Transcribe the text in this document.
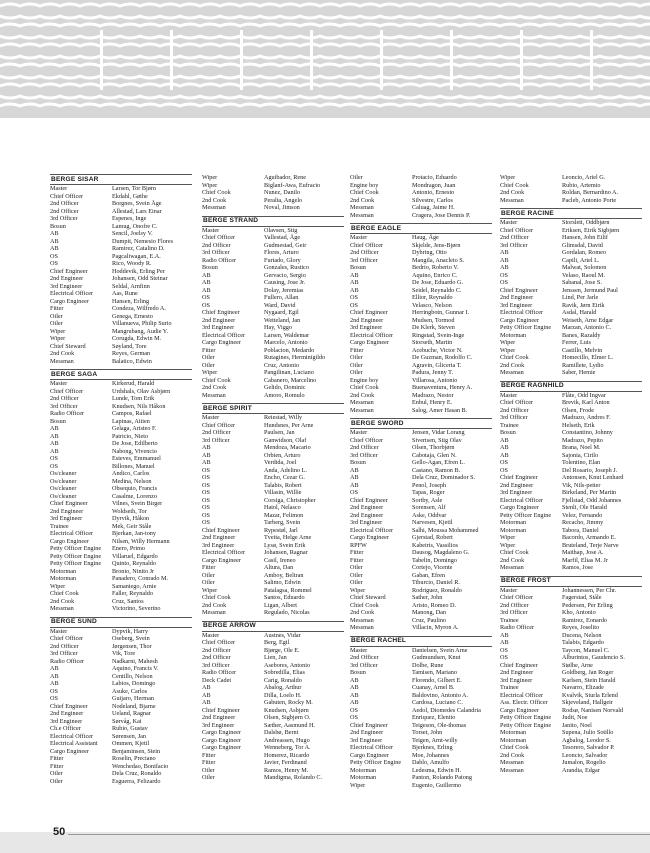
BERGE SISAR
Master	Larsen, Tor Bjørn
Chief Officer	Ekdahl, Gøthe
2nd Officer	Borgnes, Svein Åge
2nd Officer	Allestad, Lars Einar
3rd Officer	Espenes, Inge
Bosun	Lamug, Onofre C.
AB	Sencil, Joelsy V.
AB	Dumpit, Nemesio Flores
AB	Ramirez, Catalino D.
OS	Pagcaliwagan, E.A.
OS	Rico, Woody R.
Chief Engineer	Hoddevik, Erling Per
2nd Engineer	Johansen, Odd Steinar
3rd Engineer	Seldal, Arnfinn
Electrical Officer	Aas, Rune
Cargo Engineer	Hansen, Erling
Fitter	Condeza, Wilfredo A.
Oiler	Genega, Ernesto
Oiler	Villanueva, Philip Surio
Wiper	Mangrubang, Audie Y.
Wiper	Corugda, Edwin M.
Chief Steward	Søyland, Tore
2nd Cook	Reyes, German
Messman	Balatico, Edwin
BERGE SAGA
Master	Kirkerud, Harald
Chief Officer	Urdshals, Olav Asbjørn
2nd Officer	Lunde, Tom Erik
3rd Officer	Knudsen, Nils Håkon
Radio Officer	Campos, Rafael
Bosun	Lapinas, Aitien
AB	Gelaga, Aristeo F.
AB	Patricio, Nieto
AB	De Jose, Edilberto
AB	Nabong, Vivencio
OS	Esteves, Emmanuel
OS	Billones, Manuel
Os/cleaner	Andico, Carlos
Os/cleaner	Medina, Nelson
Os/cleaner	Obsequio, Francis
Os/cleaner	Casalme, Lorenzo
Chief Engineer	Vilnes, Svein Birger
2nd Engineer	Woldseth, Tor
3rd Engineer	Dyrvik, Håkon
Trainee	Mek, Geir Ståle
Electrical Officer	Bjerkan, Jan-tony
Cargo Engineer	Nilsen, Willy Hermann
Petty Officer Engine	Enero, Primo
Petty Officer Engine	Villaruel, Edgardo
Petty Officer Engine	Quinto, Reynaldo
Motorman	Bronio, Ninito Jr
Motorman	Panadero, Conrado M.
Wiper	Samaniego, Arnie
Chief Cook	Faller, Reynaldo
2nd Cook	Cruz, Santos
Messman	Victorino, Severino
BERGE SUND
Master	Dypvik, Harry
Chief Officer	Oseberg, Svein
2nd Officer	Jørgensen, Thor
3rd Officer	Vik, Tore
Radio Officer	Nadkarni, Mahesh
AB	Aquino, Francis V.
AB	Centillo, Nelson
AB	Labios, Domingo
OS	Asuke, Carlos
OS	Guijaro, Herman
Chief Engineer	Nodeland, Bjarne
2nd Engineer	Ueland, Ragnar
3rd Engineer	Sørvåg, Kai
Ch.e Officer	Rubio, Gustav
Electrical Officer	Sørensen, Jan
Electrical Assistant	Ommen, Kjetil
Cargo Engineer	Benjaminsen, Stein
Fitter	Roselin, Preciano
Fitter	Wenchedao, Bonifacio
Oiler	Dela Cruz, Ronaldo
Oiler	Esguerra, Felizardo
Wiper	Aguibador, Rene
Wiper	Biglanf-Awa, Eufracio
Chief Cook	Nunez, Danilo
2nd Cook	Peralta, Angelo
Messman	Noval, Jimson
BERGE STRAND
Master	Olavsen, Stig
Chief Officer	Vallestad, Åge
2nd Officer	Gudmestad, Geir
3rd Officer	Flores, Arturo
Radio Officer	Furtado, Glory
Bosun	Gonzales, Rustico
AB	Gervacio, Sergio
AB	Causing, Jose Jr.
AB	Dolay, Jeremias
OS	Fullero, Allan
OS	Ward, David
Chief Engineer	Nygaard, Egil
2nd Engineer	Wetteland, Jan
3rd Engineer	Hay, Viggo
Electrical Officer	Larsen, Waldemar
Cargo Engineer	Marcelo, Antonio
Fitter	Poblacion, Medardo
Oiler	Rutagines, Herminigildo
Oiler	Cruz, Antonio
Wiper	Pangilinan, Luciano
Chief Cook	Cabanero, Marcelino
2nd Cook	Gelido, Dominic
Messman	Amoro, Romulo
BERGE SPIRIT
Master	Reiestad, Willy
Chief Officer	Hundsnes, Per Arne
2nd Officer	Paulsen, Jan
3rd Officer	Ganwidson, Olaf
AB	Mendoza, Macario
AB	Orbien, Arturo
AB	Verdida, Joel
OS	Anda, Adelino L.
OS	Encho, Cezar G.
OS	Talabis, Robert
OS	Villasin, Willie
OS	Corsiga, Christopher
OS	Hatol, Nelasco
OS	Mazar, Felimon
OS	Tarberg, Svein
Chief Engineer	Rypestøl, Jarl
2nd Engineer	Tveita, Helge Arne
3rd Engineer	Lysø, Svein Erik
Electrical Officer	Johansen, Ragnar
Cargo Engineer	Casil, Ireneo
Fitter	Altura, Dan
Oiler	Amboy, Beltran
Oiler	Salimo, Edwin
Wiper	Patalagsa, Rommel
Chief Cook	Santos, Eduardo
2nd Cook	Ligan, Albert
Messman	Regulado, Nicolas
BERGE ARROW
Master	Austnes, Vidar
Chief Officer	Berg, Egil
2nd Officer	Bjørge, Ole E.
2nd Officer	Lien, Jan
3rd Officer	Asebores, Antonio
Radio Officer	Sobredilla, Elias
Deck Cadet	Carig, Ronaldo
AB	Abalog, Arthur
AB	Dilla, Loelo H.
AB	Gabuten, Rocky M.
Chief Engineer	Knudsen, Asbjørn
2nd Engineer	Olsen, Sigbjørn O.
3rd Engineer	Sæther, Aasmund H.
Cargo Engineer	Dalsbø, Bernt
Cargo Engineer	Andreassen, Hugo
Cargo Engineer	Wenneberg, Tor A.
Fitter	Homerez, Ricardo
Fitter	Javier, Ferdinand
Oiler	Ramos, Henry M.
Oiler	Mandigma, Rolando C.
Oiler	Protacio, Eduardo
Engine boy	Mondragon, Juan
Chief Cook	Antonio, Ernesto
2nd Cook	Silvestre, Carlos
Messman	Caluag, Jaime H.
Messman	Cragera, Jose Dennis P.
BERGE EAGLE
Master	Haug, Åge
Chief Officer	Skjelde, Jens-Bjørn
2nd Officer	Dybring, Otto
3rd Officer	Mangila, Anacleto S.
Bosun	Bedrio, Roberto V.
AB	Aquino, Enrico C.
AB	De Jose, Eduardo G.
AB	Seidel, Reynaldo C.
OS	Ellior, Reynaldo
OS	Velasco, Nelson
Chief Engineer	Herringbotn, Gunnar I.
2nd Engineer	Mudsen, Tormod
3rd Engineer	De Klerk, Steven
Electrical Officer	Ringstad, Svein-Inge
Cargo Engineer	Storseth, Martin
Fitter	Acebuche, Victor N.
Oiler	De Guzman, Rodolfo C.
Oiler	Agravin, Gliceria T.
Oiler	Padura, Jenny T.
Engine boy	Villarosa, Antonio
Chief Cook	Buenaventura, Henry A.
2nd Cook	Madrazo, Nestor
Messman	Enbul, Henry E.
Messman	Salog, Amer Hasan B.
BERGE SWORD
Master	Jensen, Vidar Lorang
Chief Officer	Sivertsen, Stig Olav
2nd Officer	Olsen, Thorbjørn
3rd Officer	Cabotaja, Glen N.
Bosun	Gello-Agan, Efren L.
AB	Castano, Ramon B.
AB	Dela Cruz, Dominador S.
AB	Penol, Joseph
OS	Tapas, Roger
Chief Engineer	Sortby, Asle
2nd Engineer	Sorensen, Alf
2nd Engineer	Aske, Oddvar
3rd Engineer	Narvesen, Kjetil
Electrical Officer	Salhi, Moussa Mohammed
Cargo Engineer	Gjerstad, Robert
RPFW	Kabeiris, Vassilios
Fitter	Dausog, Magdaleno G.
Fitter	Tabelin, Domingo
Oiler	Cortejo, Vicente
Oiler	Gaban, Efren
Oiler	Tiburcio, Daniel R.
Wiper	Rodriguez, Ronaldo
Chief Steward	Sather, John
Chief Cook	Aristo, Romeo D.
2nd Cook	Manong, Dan
Messman	Cruz, Paulino
Messman	Villacin, Myron A.
BERGE RACHEL
Master	Danielsen, Svein Arne
2nd Officer	Gudmundsen, Knut
3rd Officer	Dolbe, Rune
Bosun	Tamisen, Mariano
AB	Florendo, Gilbert E.
AB	Cuanay, Arnel B.
AB	Baldovino, Antonio A.
AB	Cardosa, Luciano C.
OS	Aedol, Diomedes Calandria
OS	Enriquez, Elenito
Chief Engineer	Teigeson, Ole-thomas
2nd Engineer	Torset, John
3rd Engineer	Teigen, Arnt-willy
Electrical Officer	Bjerknes, Erling
Cargo Engineer	Moe, Johannes
Petty Officer Engine	Dablo, Amulfo
Motorman	Ledesma, Edwin H.
Motorman	Panton, Rolando Patong
Wiper	Eugenio, Guillermo
Wiper	Leoncio, Ariel G.
Chief Cook	Rubio, Artemio
2nd Cook	Roldan, Bernardino A.
Messman	Pacleb, Antonio Porte
BERGE RACINE
Master	Storslett, Oddbjørn
Chief Officer	Eriksen, Eirik Sigbjørn
2nd Officer	Hansen, John Eilif
3rd Officer	Glimsdal, David
AB	Gordalan, Romeo
AB	Capili, Ariel L.
AB	Malwat, Solomon
OS	Velaso, Raoul M.
OS	Sabanal, Jose S.
Chief Engineer	Jenssen, Jermund Paul
2nd Engineer	Lind, Per Jarle
3rd Engineer	Ravik, Jørn Eirik
Electrical Officer	Asdal, Harald
Cargo Engineer	Weiseth, Arne Edgar
Petty Officer Engine	Marzan, Antonio C.
Motorman	Banes, Razaldy
Wiper	Ferrer, Luis
Wiper	Castillo, Melvin
Chief Cook	Homecillo, Elmer L.
2nd Cook	Ramillete, Lydio
Messman	Saber, Hemie
BERGE RAGNHILD
Master	Flåte, Odd Ingvar
Chief Officer	Brevik, Karl Anton
2nd Officer	Olsen, Frode
3rd Officer	Madrazo, Andres F.
Trainee	Helseth, Erik
Bosun	Constantino, Johnny
AB	Madrazo, Pepito
AB	Brana, Noel M.
AB	Sajonia, Cirilo
OS	Tolentino, Elan
OS	Del Rosario, Joseph J.
Chief Engineer	Antonsen, Knut Lenhard
2nd Engineer	Vik, Nils-petter
3rd Engineer	Birkeland, Per Martin
Electrical Officer	Fjellstad, Odd Johannes
Cargo Engineer	Stenli, Ole Harald
Petty Officer Engine	Velez, Fernando
Motorman	Recacho, Jimmy
Motorman	Tabora, Daniel
Wiper	Bacordo, Armando E.
Wiper	Bruteland, Terje Narve
Chief Cook	Maithap, Jose A.
2nd Cook	Marfil, Elias M. Jr
Messman	Ramos, Jose
BERGE FROST
Master	Johannessen, Per Chr.
Chief Officer	Fagerstad, Ståle
2nd Officer	Pedersen, Per Erling
3rd Officer	Kho, Antonio
Trainee	Ramirez, Eonardo
Radio Officer	Reyes, Joselito
AB	Ducena, Nelson
AB	Talabis, Edgardo
OS	Taycon, Manuel C.
OS	Alburintos, Gaudencio S.
Chief Engineer	Stølhe, Arne
2nd Engineer	Goldberg, Jan Roger
3rd Engineer	Karlsen, Stein Harald
Trainee	Navarro, Elizade
Electrical Officer	Kvalvik, Sturla Erlend
Ass. Electr. Officer	Skjeveland, Hallgeir
Cargo Engineer	Rodsø, Nanisen Norvald
Petty Officer Engine	Judit, Noe
Petty Officer Engine	Janito, Noel
Motorman	Supena, Julio Sotillo
Motorman	Agbalog, Leodor S.
Chief Cook	Tesorero, Salvador P.
2nd Cook	Leoncio, Salvador
Messman	Jumalon, Rogelio
Messman	Arandia, Edgar
50
